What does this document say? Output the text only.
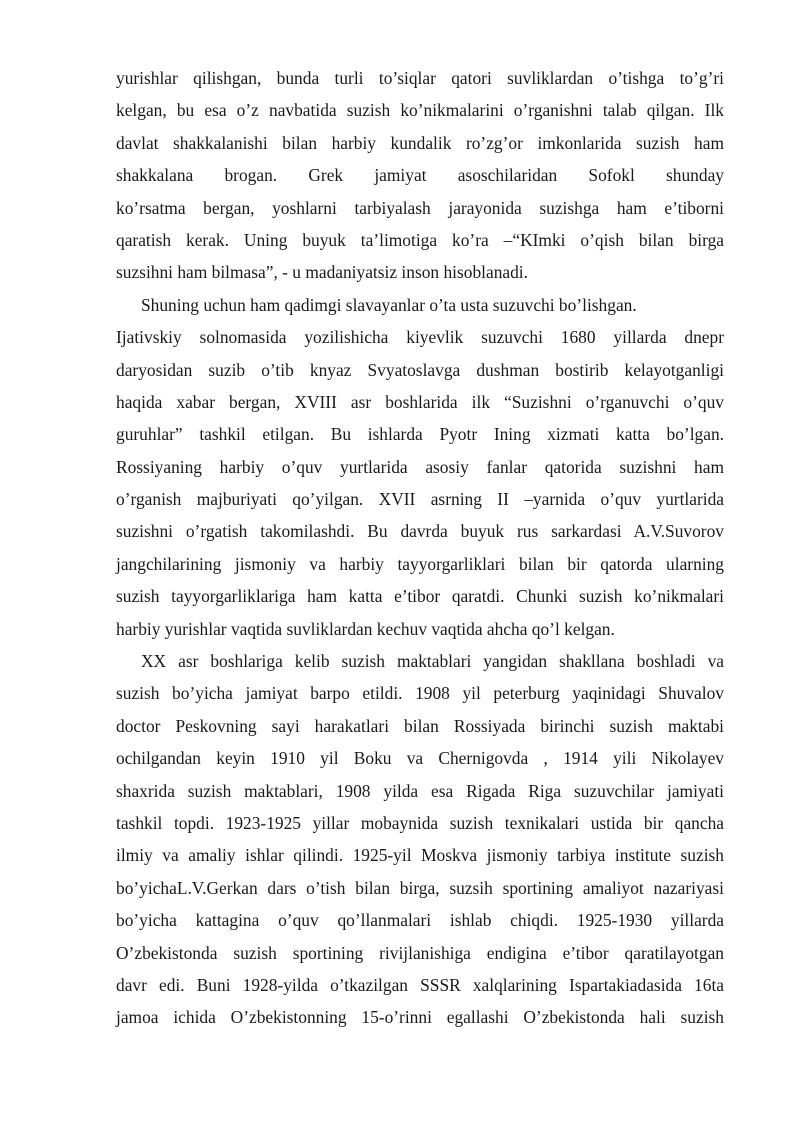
yurishlar qilishgan, bunda turli to’siqlar qatori suvliklardan o’tishga to’g’ri
kelgan, bu esa o’z navbatida suzish ko’nikmalarini o’rganishni talab qilgan. Ilk
davlat shakkalanishi bilan harbiy kundalik ro’zg’or imkonlarida suzish ham
shakkalana brogan. Grek jamiyat asoschilaridan Sofokl shunday
ko’rsatma bergan, yoshlarni tarbiyalash jarayonida suzishga ham e’tiborni
qaratish kerak. Uning buyuk ta’limotiga ko’ra –“KImki o’qish bilan birga
suzsihni ham bilmasa”, - u madaniyatsiz inson hisoblanadi.
Shuning uchun ham qadimgi slavayanlar o’ta usta suzuvchi bo’lishgan.
Ijativskiy solnomasida yozilishicha kiyevlik suzuvchi 1680 yillarda dnepr
daryosidan suzib o’tib knyaz Svyatoslavga dushman bostirib kelayotganligi
haqida xabar bergan, XVIII asr boshlarida ilk “Suzishni o’rganuvchi o’quv
guruhlar” tashkil etilgan. Bu ishlarda Pyotr Ining xizmati katta bo’lgan.
Rossiyaning harbiy o’quv yurtlarida asosiy fanlar qatorida suzishni ham
o’rganish majburiyati qo’yilgan. XVII asrning II –yarnida o’quv yurtlarida
suzishni o’rgatish takomilashdi. Bu davrda buyuk rus sarkardasi A.V.Suvorov
jangchilarining jismoniy va harbiy tayyorgarliklari bilan bir qatorda ularning
suzish tayyorgarliklariga ham katta e’tibor qaratdi. Chunki suzish ko’nikmalari
harbiy yurishlar vaqtida suvliklardan kechuv vaqtida ahcha qo’l kelgan.
XX asr boshlariga kelib suzish maktablari yangidan shakllana boshladi va
suzish bo’yicha jamiyat barpo etildi. 1908 yil peterburg yaqinidagi Shuvalov
doctor Peskovning sayi harakatlari bilan Rossiyada birinchi suzish maktabi
ochilgandan keyin 1910 yil Boku va Chernigovda , 1914 yili Nikolayev
shaxrida suzish maktablari, 1908 yilda esa Rigada Riga suzuvchilar jamiyati
tashkil topdi. 1923-1925 yillar mobaynida suzish texnikalari ustida bir qancha
ilmiy va amaliy ishlar qilindi. 1925-yil Moskva jismoniy tarbiya institute suzish
bo’yichaL.V.Gerkan dars o’tish bilan birga, suzsih sportining amaliyot nazariyasi
bo’yicha kattagina o’quv qo’llanmalari ishlab chiqdi. 1925-1930 yillarda
O’zbekistonda suzish sportining rivijlanishiga endigina e’tibor qaratilayotgan
davr edi. Buni 1928-yilda o’tkazilgan SSSR xalqlarining Ispartakiadasida 16ta
jamoa ichida O’zbekistonning 15-o’rinni egallashi O’zbekistonda hali suzish
